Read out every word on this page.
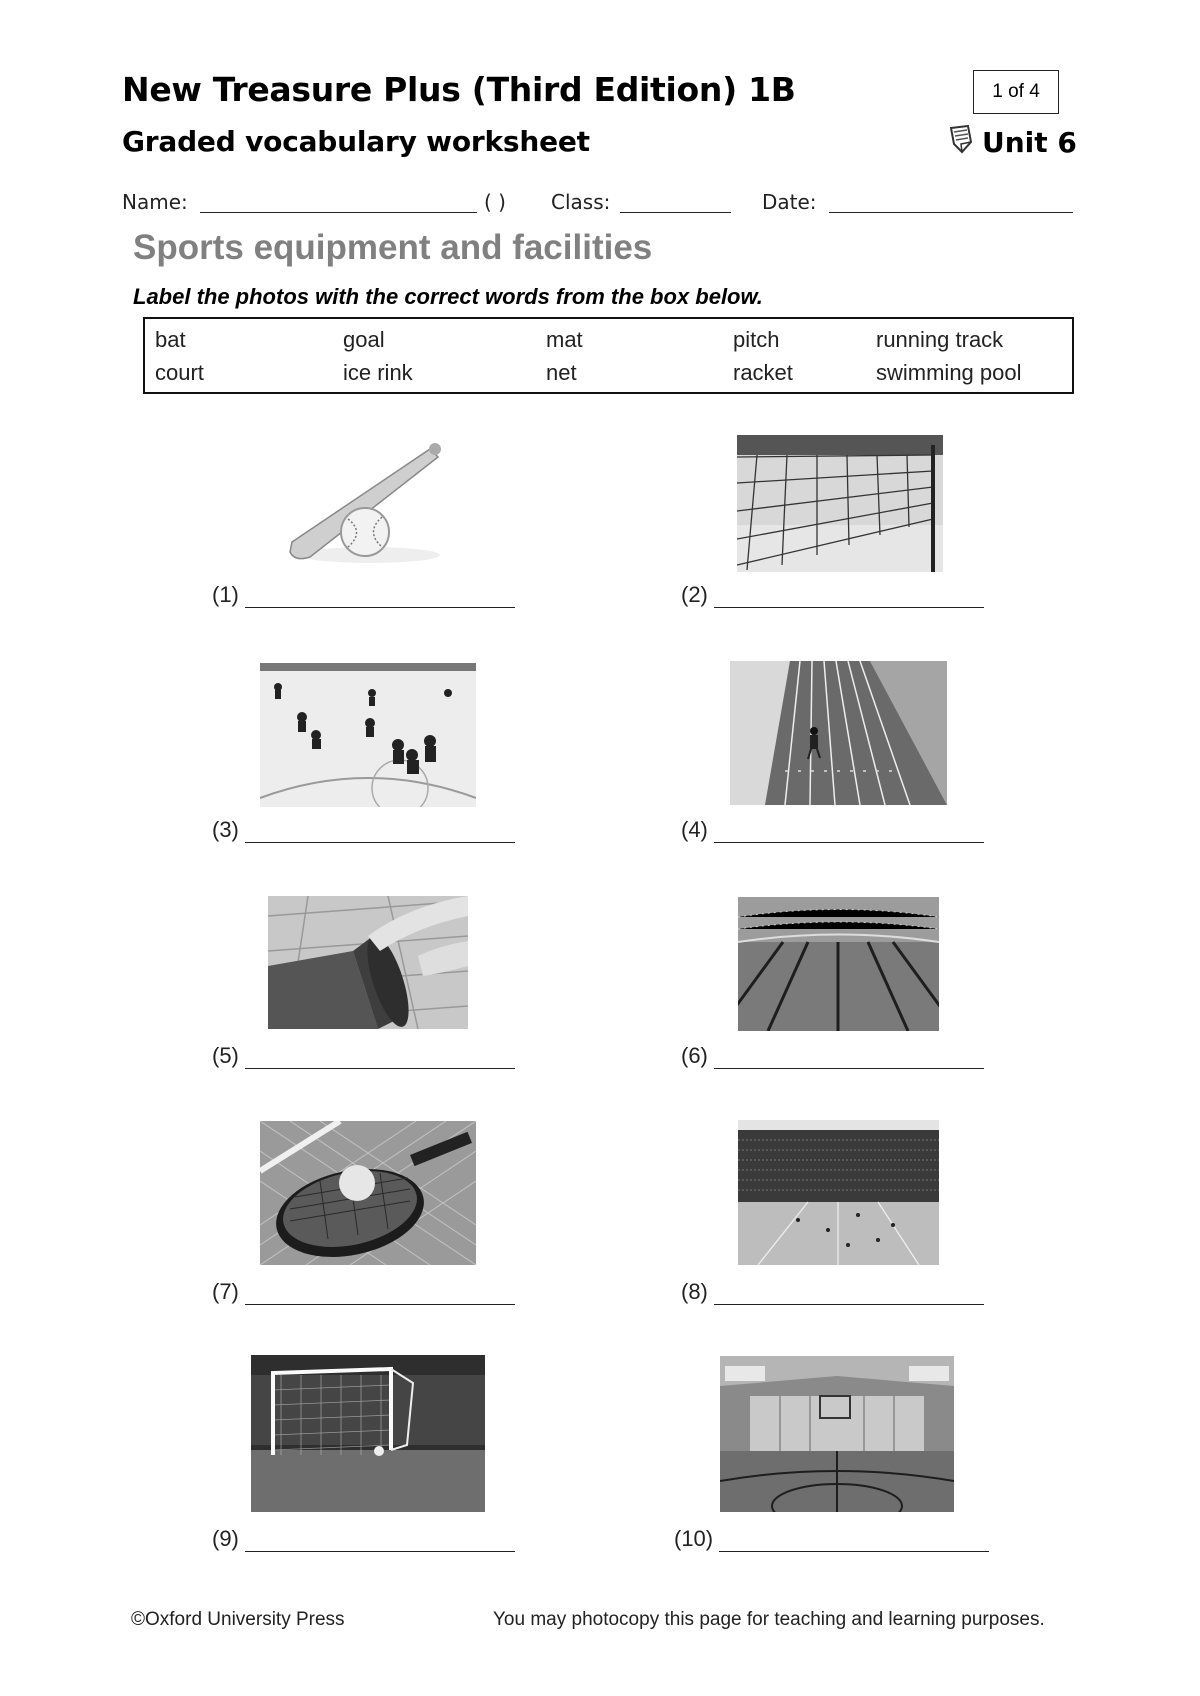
New Treasure Plus (Third Edition) 1B
Graded vocabulary worksheet
1 of 4
Unit 6
Name:	( ) Class:	Date:
Sports equipment and facilities
Label the photos with the correct words from the box below.
bat	goal	mat	pitch	running track
court	ice rink	net	racket	swimming pool
(1)	(2)
(3)	(4)
(5)	(6)
(7)	(8)
(9)	(10)
©Oxford University Press	You may photocopy this page for teaching and learning purposes.
